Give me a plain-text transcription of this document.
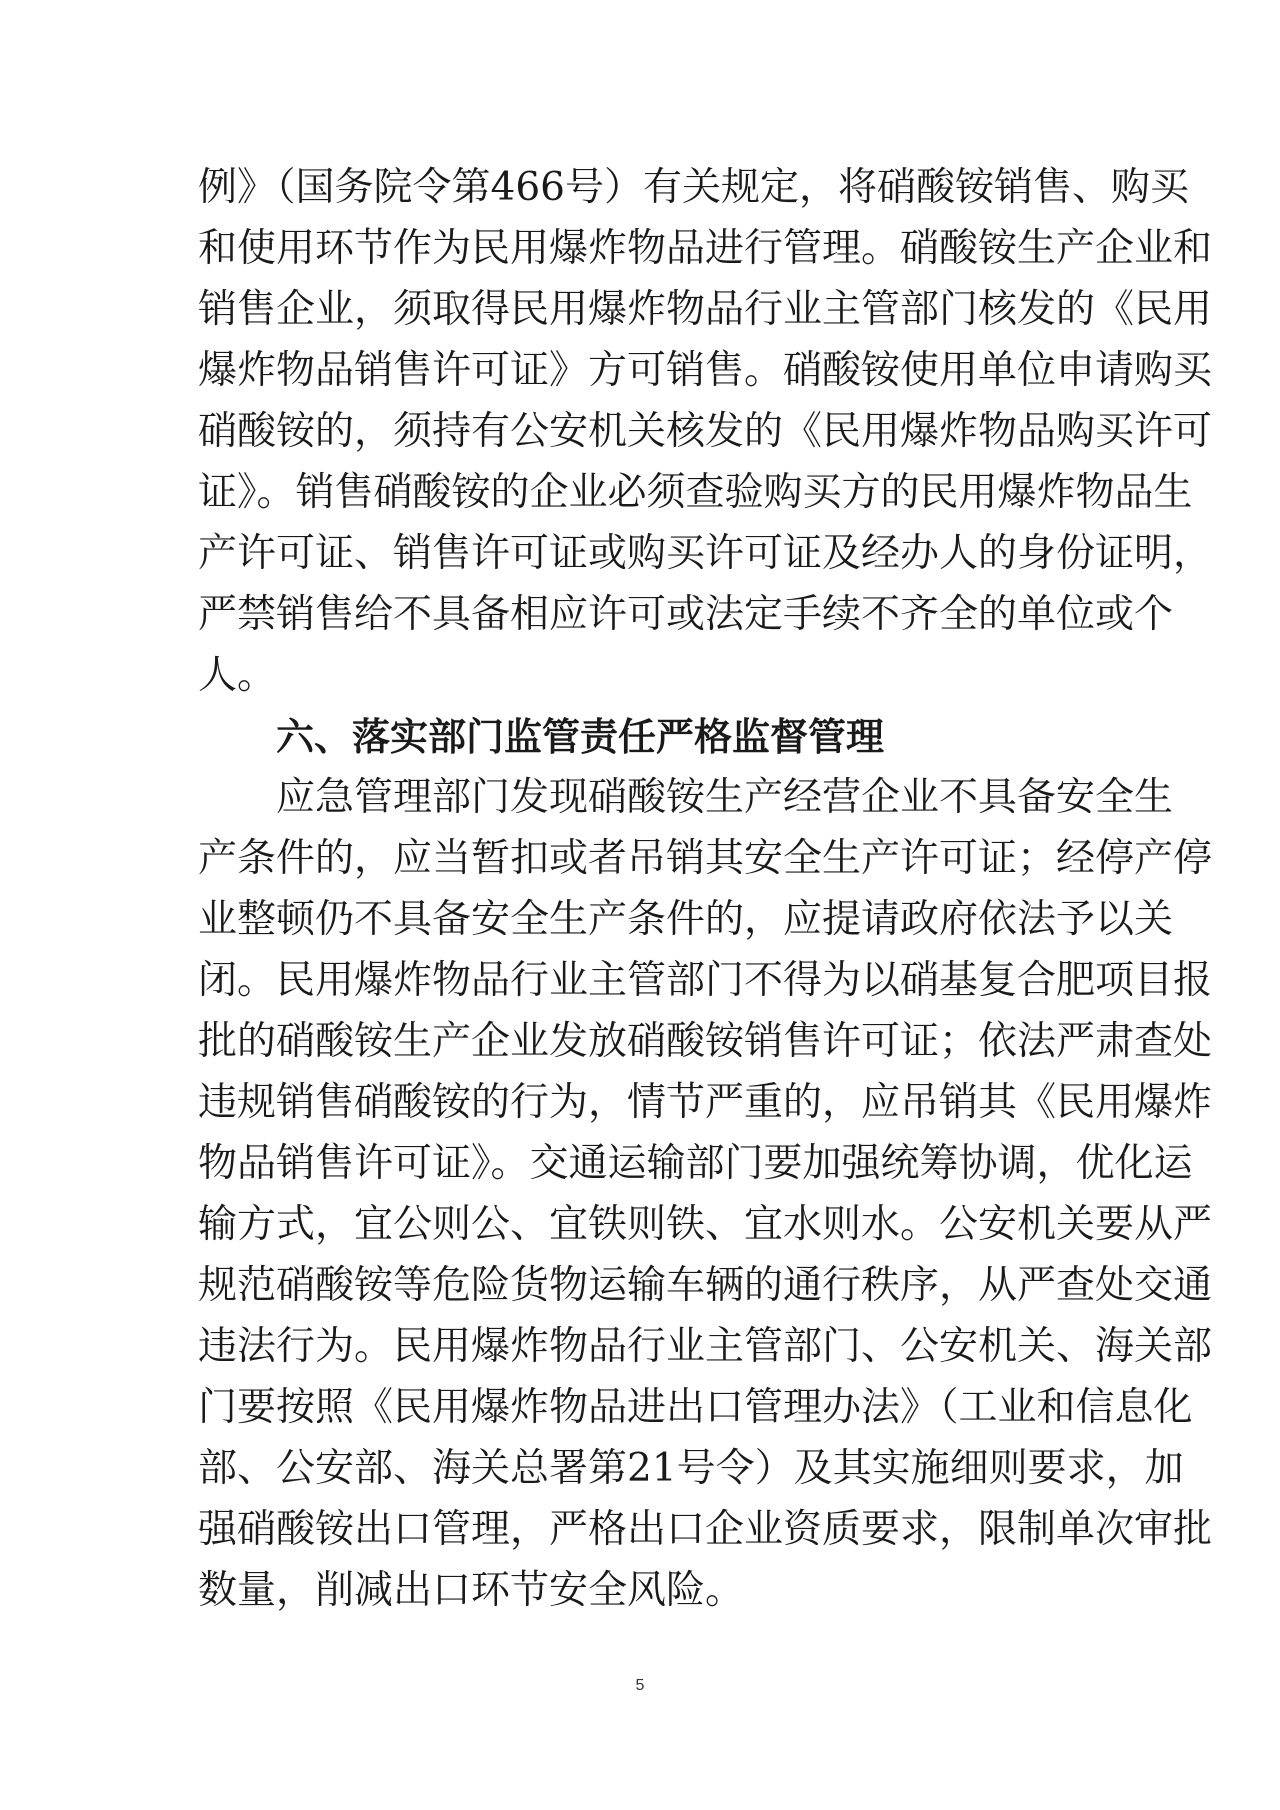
例》（国务院令第466号）有关规定，将硝酸铵销售、购买
和使用环节作为民用爆炸物品进行管理。硝酸铵生产企业和
销售企业，须取得民用爆炸物品行业主管部门核发的《民用
爆炸物品销售许可证》方可销售。硝酸铵使用单位申请购买
硝酸铵的，须持有公安机关核发的《民用爆炸物品购买许可
证》。销售硝酸铵的企业必须查验购买方的民用爆炸物品生
产许可证、销售许可证或购买许可证及经办人的身份证明，
严禁销售给不具备相应许可或法定手续不齐全的单位或个
人。
六、落实部门监管责任严格监督管理
应急管理部门发现硝酸铵生产经营企业不具备安全生
产条件的，应当暂扣或者吊销其安全生产许可证；经停产停
业整顿仍不具备安全生产条件的，应提请政府依法予以关
闭。民用爆炸物品行业主管部门不得为以硝基复合肥项目报
批的硝酸铵生产企业发放硝酸铵销售许可证；依法严肃查处
违规销售硝酸铵的行为，情节严重的，应吊销其《民用爆炸
物品销售许可证》。交通运输部门要加强统筹协调，优化运
输方式，宜公则公、宜铁则铁、宜水则水。公安机关要从严
规范硝酸铵等危险货物运输车辆的通行秩序，从严查处交通
违法行为。民用爆炸物品行业主管部门、公安机关、海关部
门要按照《民用爆炸物品进出口管理办法》（工业和信息化
部、公安部、海关总署第21号令）及其实施细则要求，加
强硝酸铵出口管理，严格出口企业资质要求，限制单次审批
数量，削减出口环节安全风险。
5
